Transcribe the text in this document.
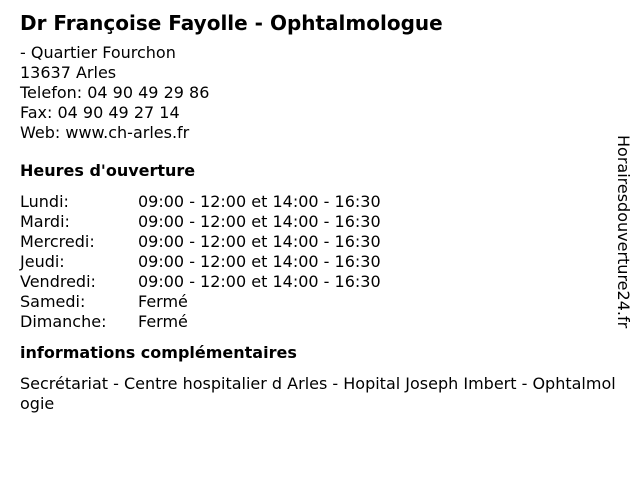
Dr Françoise Fayolle - Ophtalmologue
- Quartier Fourchon
13637 Arles
Telefon: 04 90 49 29 86
Fax: 04 90 49 27 14
Web: www.ch-arles.fr
Heures d'ouverture
Lundi:	09:00 - 12:00 et 14:00 - 16:30
Mardi:	09:00 - 12:00 et 14:00 - 16:30
Mercredi:	09:00 - 12:00 et 14:00 - 16:30
Jeudi:	09:00 - 12:00 et 14:00 - 16:30
Vendredi:	09:00 - 12:00 et 14:00 - 16:30
Samedi:	Fermé
Dimanche: Fermé
informations complémentaires
Secrétariat - Centre hospitalier d Arles - Hopital Joseph Imbert - Ophtalmologie
Horairesdouverture24.fr
